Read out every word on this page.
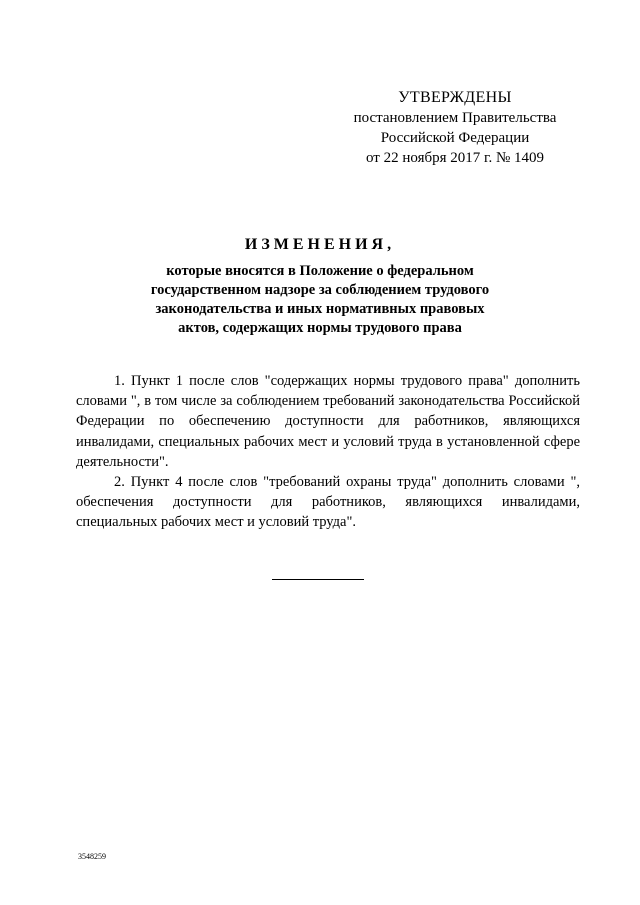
УТВЕРЖДЕНЫ
постановлением Правительства
Российской Федерации
от 22 ноября 2017 г. № 1409
ИЗМЕНЕНИЯ,
которые вносятся в Положение о федеральном
государственном надзоре за соблюдением трудового
законодательства и иных нормативных правовых
актов, содержащих нормы трудового права

1. Пункт 1 после слов "содержащих нормы трудового права" дополнить словами ", в том числе за соблюдением требований законодательства Российской Федерации по обеспечению доступности для работников, являющихся инвалидами, специальных рабочих мест и условий труда в установленной сфере деятельности".

2. Пункт 4 после слов "требований охраны труда" дополнить словами ", обеспечения доступности для работников, являющихся инвалидами, специальных рабочих мест и условий труда".

3548259
